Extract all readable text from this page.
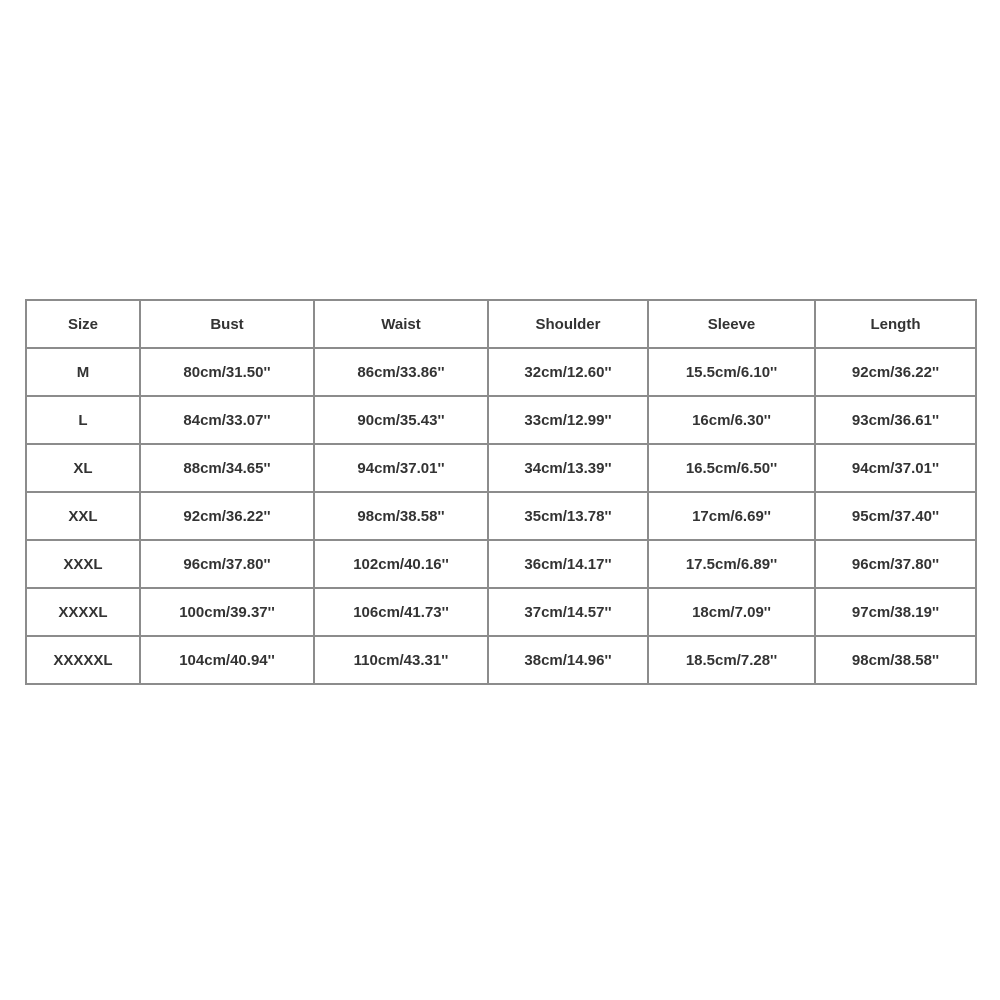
Size	Bust	Waist	Shoulder	Sleeve	Length
M	80cm/31.50''	86cm/33.86''	32cm/12.60''	15.5cm/6.10''	92cm/36.22''
L	84cm/33.07''	90cm/35.43''	33cm/12.99''	16cm/6.30''	93cm/36.61''
XL	88cm/34.65''	94cm/37.01''	34cm/13.39''	16.5cm/6.50''	94cm/37.01''
XXL	92cm/36.22''	98cm/38.58''	35cm/13.78''	17cm/6.69''	95cm/37.40''
XXXL	96cm/37.80''	102cm/40.16''	36cm/14.17''	17.5cm/6.89''	96cm/37.80''
XXXXL	100cm/39.37''	106cm/41.73''	37cm/14.57''	18cm/7.09''	97cm/38.19''
XXXXXL	104cm/40.94''	110cm/43.31''	38cm/14.96''	18.5cm/7.28''	98cm/38.58''
